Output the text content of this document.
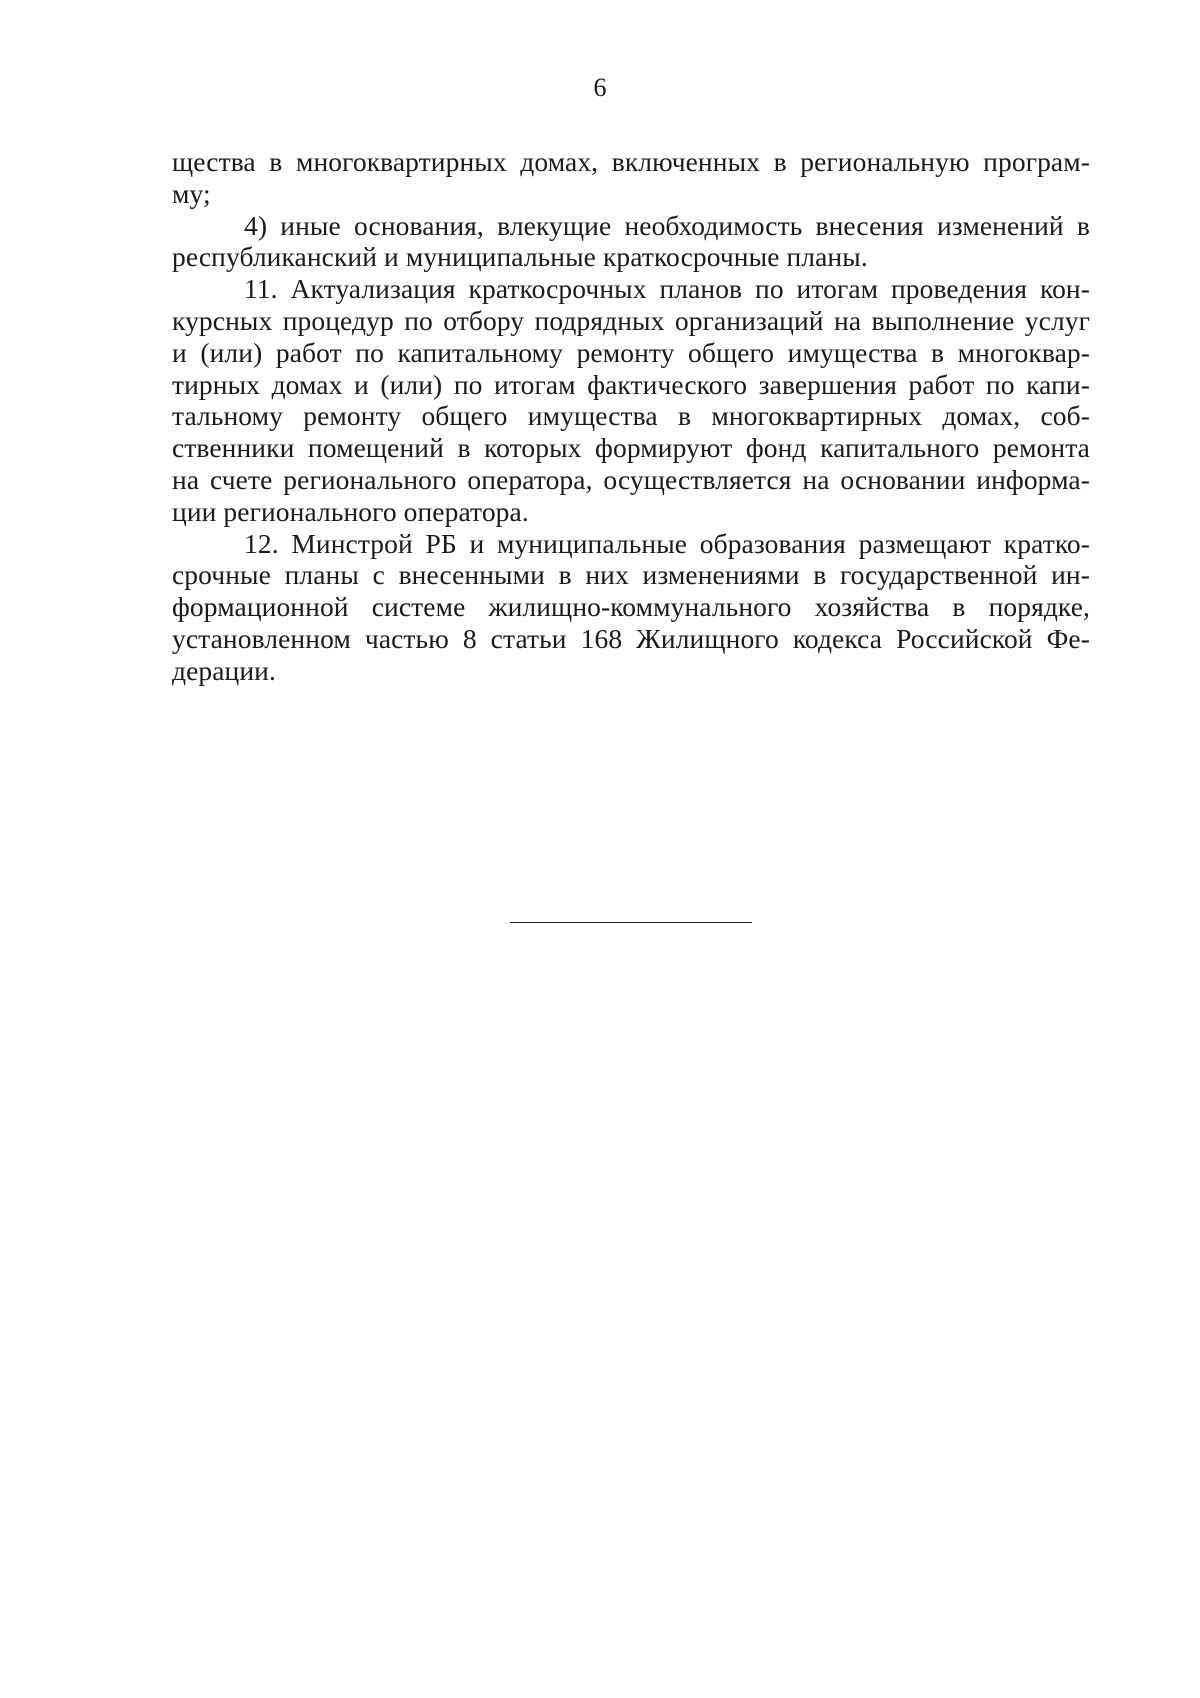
6
щества в многоквартирных домах, включенных в региональную програм-
му;
4) иные основания, влекущие необходимость внесения изменений в
республиканский и муниципальные краткосрочные планы.
11. Актуализация краткосрочных планов по итогам проведения кон-
курсных процедур по отбору подрядных организаций на выполнение услуг
и (или) работ по капитальному ремонту общего имущества в многоквар-
тирных домах и (или) по итогам фактического завершения работ по капи-
тальному ремонту общего имущества в многоквартирных домах, соб-
ственники помещений в которых формируют фонд капитального ремонта
на счете регионального оператора, осуществляется на основании информа-
ции регионального оператора.
12. Минстрой РБ и муниципальные образования размещают кратко-
срочные планы с внесенными в них изменениями в государственной ин-
формационной системе жилищно-коммунального хозяйства в порядке,
установленном частью 8 статьи 168 Жилищного кодекса Российской Фе-
дерации.
